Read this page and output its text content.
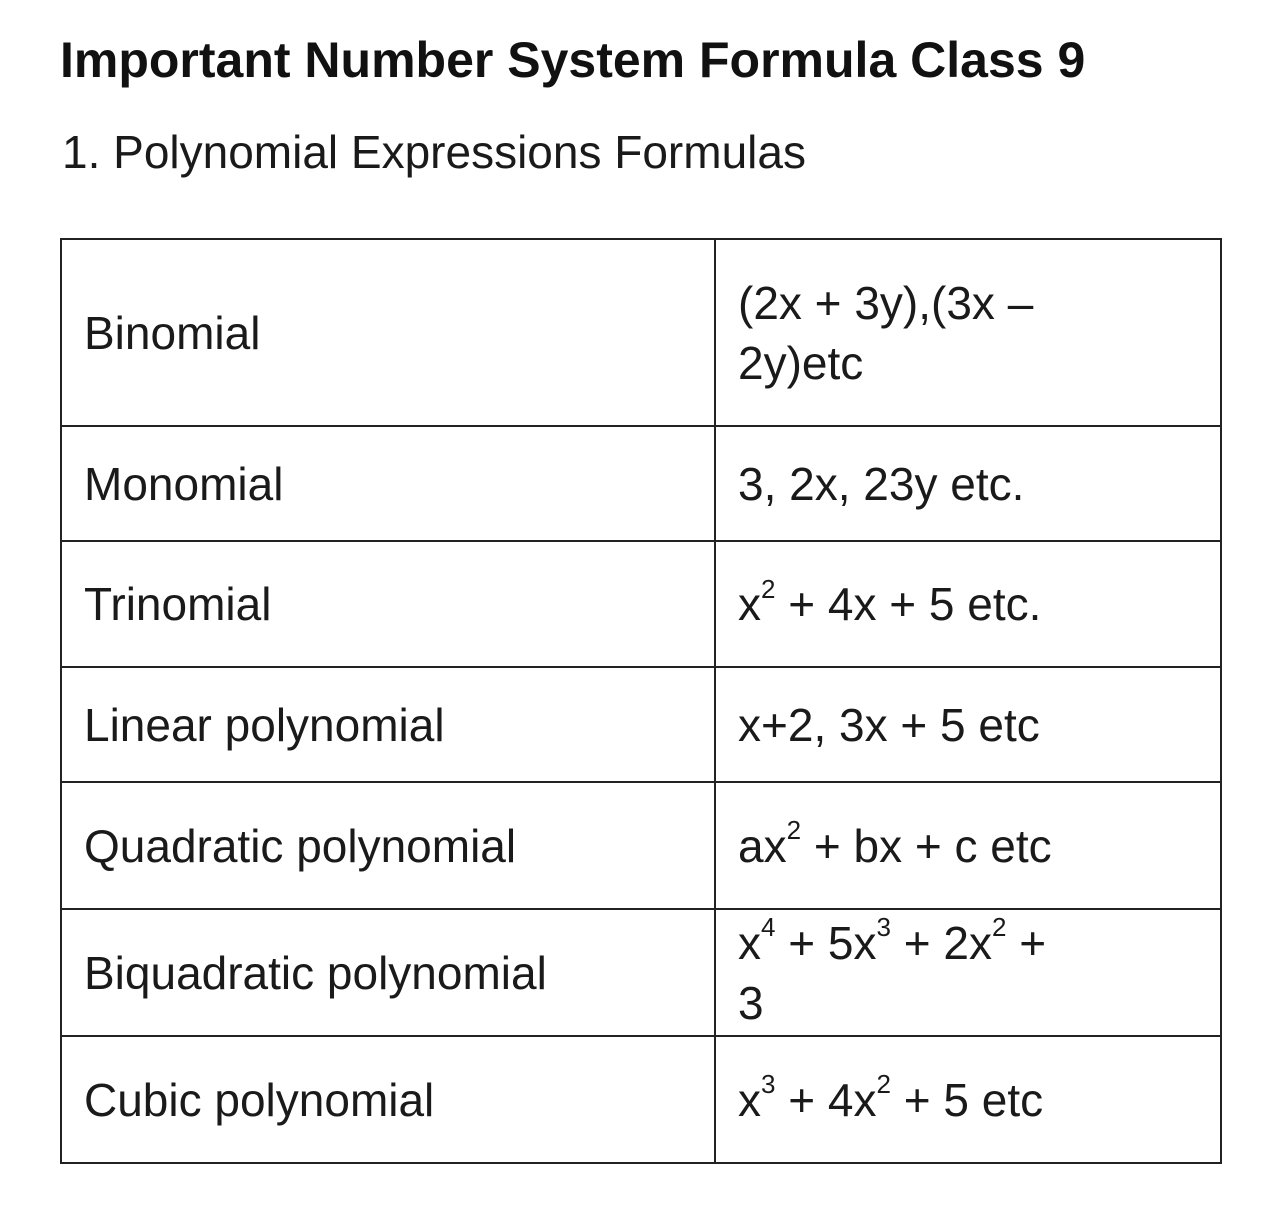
Important Number System Formula Class 9
1. Polynomial Expressions Formulas
Binomial	(2x + 3y),(3x – 2y)etc
Monomial	3, 2x, 23y etc.
Trinomial	$x^2 + 4x + 5$ etc.
Linear polynomial	x+2, 3x + 5 etc
Quadratic polynomial	$ax^2$ + bx + c etc
Biquadratic polynomial	$x^4 + 5x^3 + 2x^2 + 3$
Cubic polynomial	$x^3 + 4x^2 + 5$ etc
